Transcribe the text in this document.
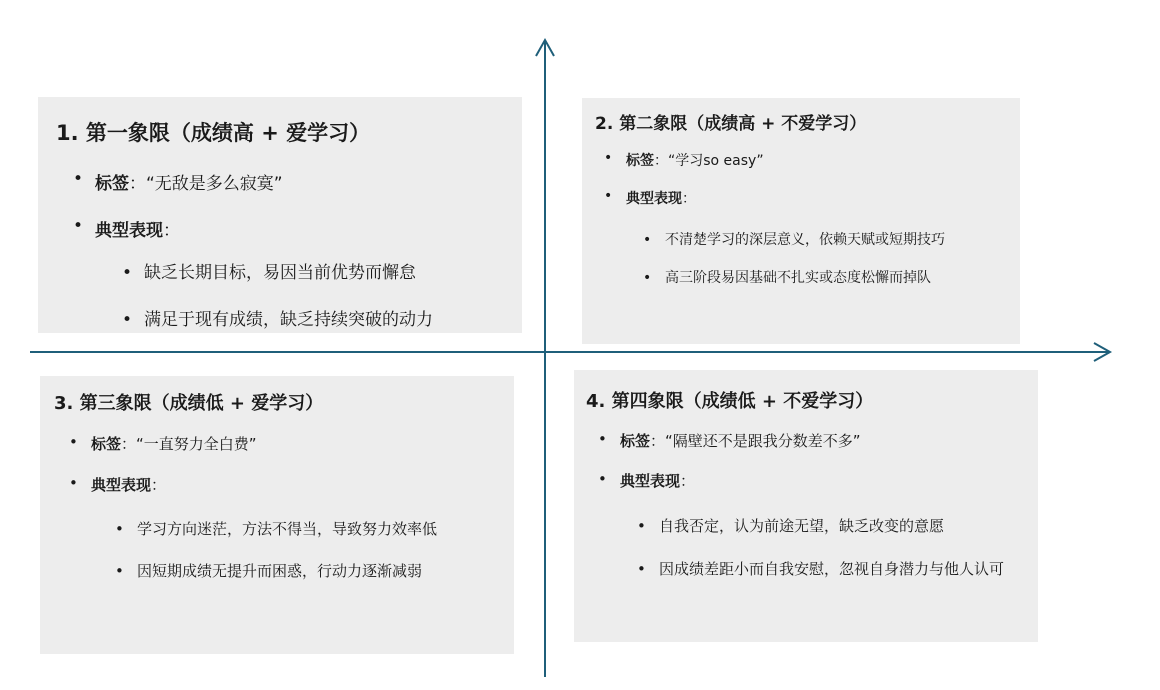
1. 第一象限（成绩高 + 爱学习）
• 标签：“无敌是多么寂寞”
• 典型表现：
• 缺乏长期目标，易因当前优势而懈怠
• 满足于现有成绩，缺乏持续突破的动力
2. 第二象限（成绩高 + 不爱学习）
• 标签：“学习so easy”
• 典型表现：
• 不清楚学习的深层意义，依赖天赋或短期技巧
• 高三阶段易因基础不扎实或态度松懈而掉队
3. 第三象限（成绩低 + 爱学习）
• 标签：“一直努力全白费”
• 典型表现：
• 学习方向迷茫，方法不得当，导致努力效率低
• 因短期成绩无提升而困惑，行动力逐渐减弱
4. 第四象限（成绩低 + 不爱学习）
• 标签：“隔壁还不是跟我分数差不多”
• 典型表现：
• 自我否定，认为前途无望，缺乏改变的意愿
• 因成绩差距小而自我安慰，忽视自身潜力与他人认可
